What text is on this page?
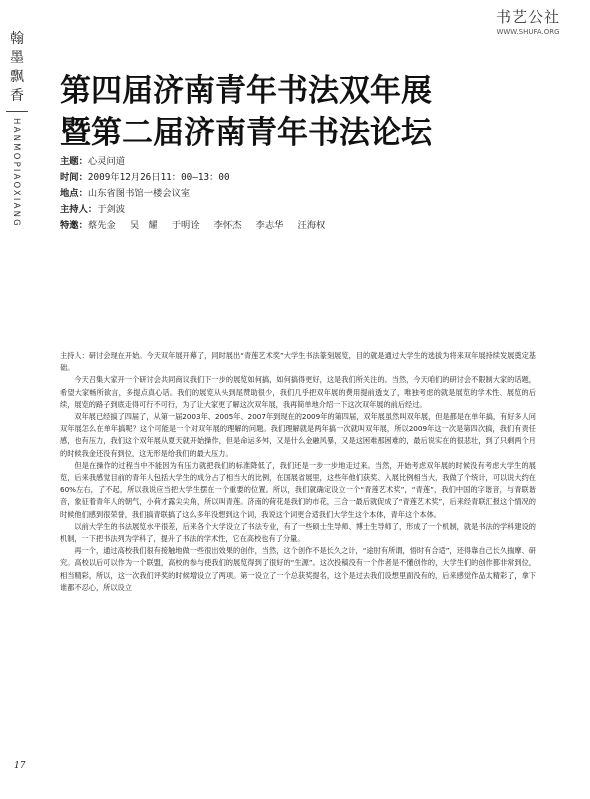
翰
墨
飘
香
HANMOPIAOXIANG
书艺公社
WWW.SHUFA.ORG
第四届济南青年书法双年展
暨第二届济南青年书法论坛
主题：心灵问道
时间：2009年12月26日11：00—13：00
地点：山东省图书馆一楼会议室
主持人：于剑波
特邀：蔡先金 吴　耀 于明诠 李怀杰 李志华 汪海权

主持人：研讨会现在开始。今天双年展开幕了，同时展出“青莲艺术奖”大学生书法篆刻展览，目的就是通过大学生的选拔为将来双年展持续发展奠定基础。

今天召集大家开一个研讨会共同商议我们下一步的展览如何搞，如何搞得更好，这是我们所关注的。当然，今天咱们的研讨会不限制大家的话题，希望大家畅所欲言，多提点真心话。我们的展览从头到尾赞助很少，我们几乎把双年展的费用提前透支了，唯独考虑的就是展览的学术性、展览的后续，展览的路子到底走得可行不可行，为了让大家更了解这次双年展，我再简单地介绍一下这次双年展的前后经过。

双年展已经搞了四届了，从第一届2003年、2005年、2007年到现在的2009年的第四届，双年展虽然叫双年展，但是都是在单年搞，有好多人问双年展怎么在单年搞呢？这个可能是一个对双年展的理解的问题。我们理解就是两年搞一次就叫双年展，所以2009年这一次是第四次搞，我们有责任感，也有压力，我们这个双年展从夏天就开始操作，但是命运多舛，又是什么金融风暴，又是这困难那困难的，最后说实在的很悲壮，到了只剩两个月的时候我金还没有到位，这无形是给我们的最大压力。

但是在操作的过程当中不能因为有压力就把我们的标准降低了，我们还是一步一步地走过来。当然，开始考虑双年展的时候没有考虑大学生的展览，后来我感觉目前的青年人包括大学生的成分占了相当大的比例，在国展省展里，这些年他们获奖、入展比例相当大，我做了个统计，可以说大约在60%左右，了不起，所以我说应当把大学生摆在一个重要的位置。所以，我们就确定设立一个“青莲艺术奖”，“青莲”，我们中国的字谐音，与青联谐音，象征着青年人的朝气，小荷才露尖尖角，所以叫青莲。济南的荷花是我们的市花，三合一最后就促成了“青莲艺术奖”，后来经青联汇报这个情况的时候他们感到很荣誉，我们搞青联搞了这么多年没想到这个词，我说这个词更合适我们大学生这个本体，青年这个本体。

以前大学生的书法展览水平很差，后来各个大学设立了书法专业，有了一些硕士生导师、博士生导师了，形成了一个机制，就是书法的学科建设的机制，一下把书法列为学科了，提升了书法的学术性，它在高校也有了分量。

再一个，通过高校我们很有接触地做一些很出效果的创作，当然，这个创作不是长久之计，“途肘有所谓，悟时有合适”，还得靠自己长久揣摩、研究。高校以后可以作为一个联盟，高校的参与使我们的展览得到了很好的“生源”。这次投稿没有一个作者是不懂创作的，大学生们的创作都非常到位，相当精彩，所以，这一次我们评奖的时候增设立了两项。第一设立了一个总获奖提名，这个是过去我们设想里面没有的，后来感觉作品太精彩了，拿下谁都不忍心，所以设立

17
